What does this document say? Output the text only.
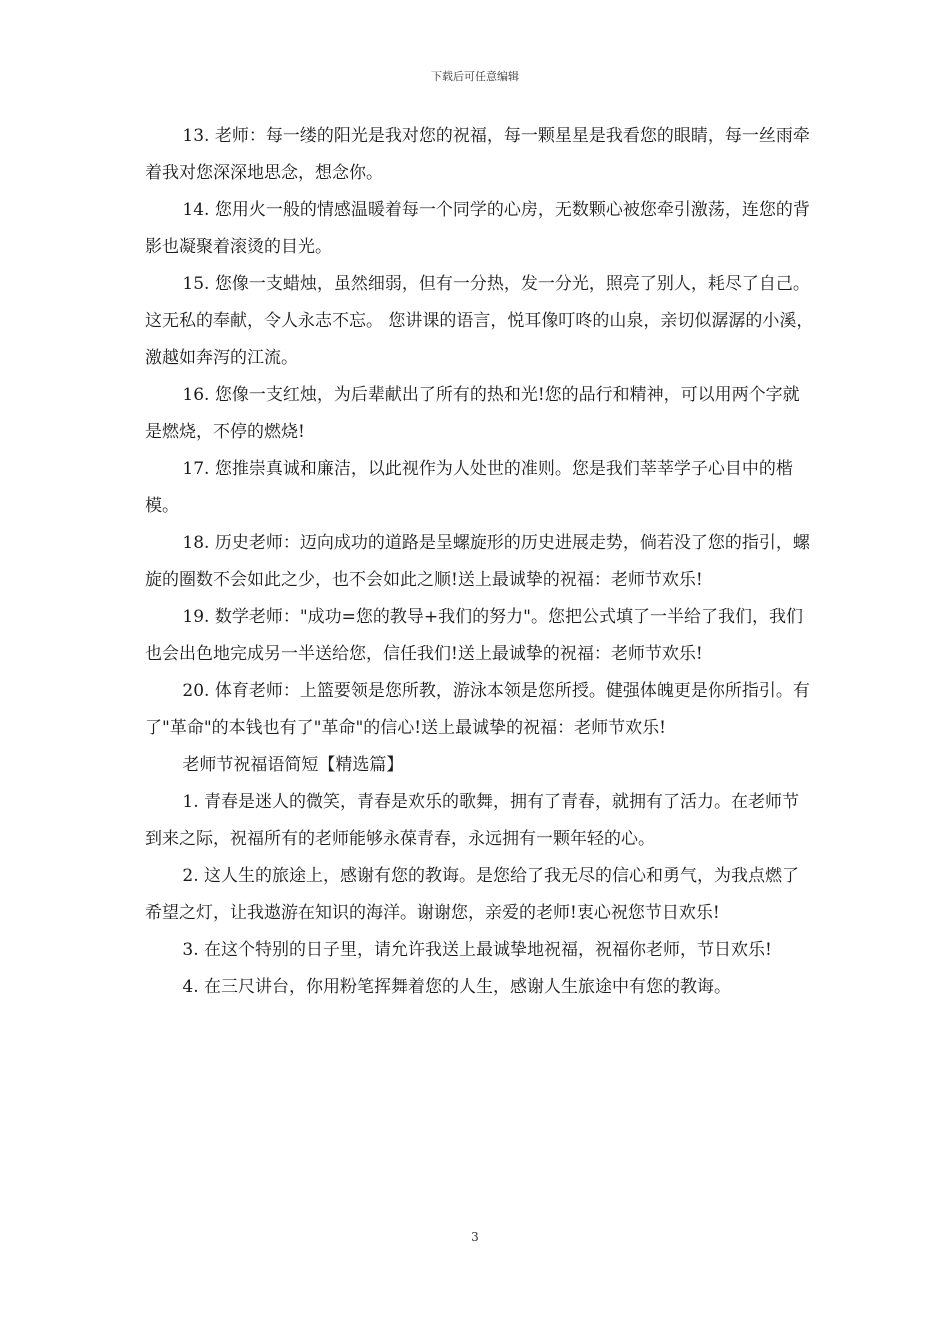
下载后可任意编辑

13. 老师：每一缕的阳光是我对您的祝福，每一颗星星是我看您的眼睛，每一丝雨牵着我对您深深地思念，想念你。

14. 您用火一般的情感温暖着每一个同学的心房，无数颗心被您牵引激荡，连您的背影也凝聚着滚烫的目光。

15. 您像一支蜡烛，虽然细弱，但有一分热，发一分光，照亮了别人，耗尽了自己。这无私的奉献，令人永志不忘。 您讲课的语言，悦耳像叮咚的山泉，亲切似潺潺的小溪，激越如奔泻的江流。

16. 您像一支红烛，为后辈献出了所有的热和光!您的品行和精神，可以用两个字就是燃烧，不停的燃烧!

17. 您推崇真诚和廉洁，以此视作为人处世的准则。您是我们莘莘学子心目中的楷模。

18. 历史老师：迈向成功的道路是呈螺旋形的历史进展走势，倘若没了您的指引，螺旋的圈数不会如此之少，也不会如此之顺!送上最诚挚的祝福：老师节欢乐!

19. 数学老师："成功=您的教导+我们的努力"。您把公式填了一半给了我们，我们也会出色地完成另一半送给您，信任我们!送上最诚挚的祝福：老师节欢乐!

20. 体育老师：上篮要领是您所教，游泳本领是您所授。健强体魄更是你所指引。有了"革命"的本钱也有了"革命"的信心!送上最诚挚的祝福：老师节欢乐!

老师节祝福语简短【精选篇】

1. 青春是迷人的微笑，青春是欢乐的歌舞，拥有了青春，就拥有了活力。在老师节到来之际，祝福所有的老师能够永葆青春，永远拥有一颗年轻的心。

2. 这人生的旅途上，感谢有您的教诲。是您给了我无尽的信心和勇气，为我点燃了希望之灯，让我遨游在知识的海洋。谢谢您，亲爱的老师!衷心祝您节日欢乐!

3. 在这个特别的日子里，请允许我送上最诚挚地祝福，祝福你老师，节日欢乐!

4. 在三尺讲台，你用粉笔挥舞着您的人生，感谢人生旅途中有您的教诲。

3
